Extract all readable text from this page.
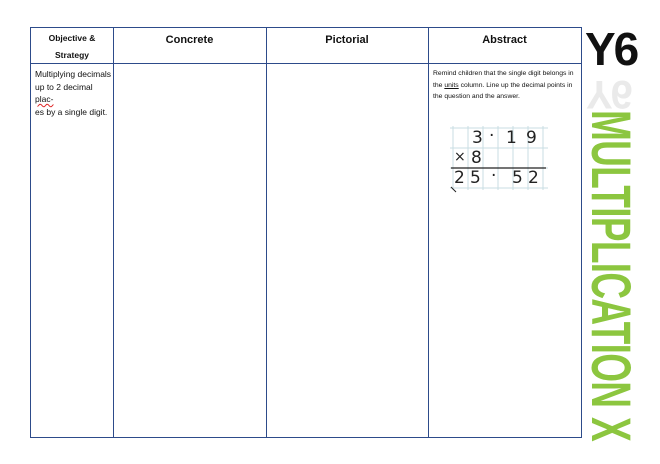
Objective &
Strategy
Concrete	Pictorial	Abstract
Multiplying decimals
up to 2 decimal plac-
es by a single digit.
Remind children that the single digit belongs in the units column. Line up the decimal points in the question and the answer.
3 · 1 9
× 8
2 5 · 5 2
Y6
Y6
MULTIPLICATION X
